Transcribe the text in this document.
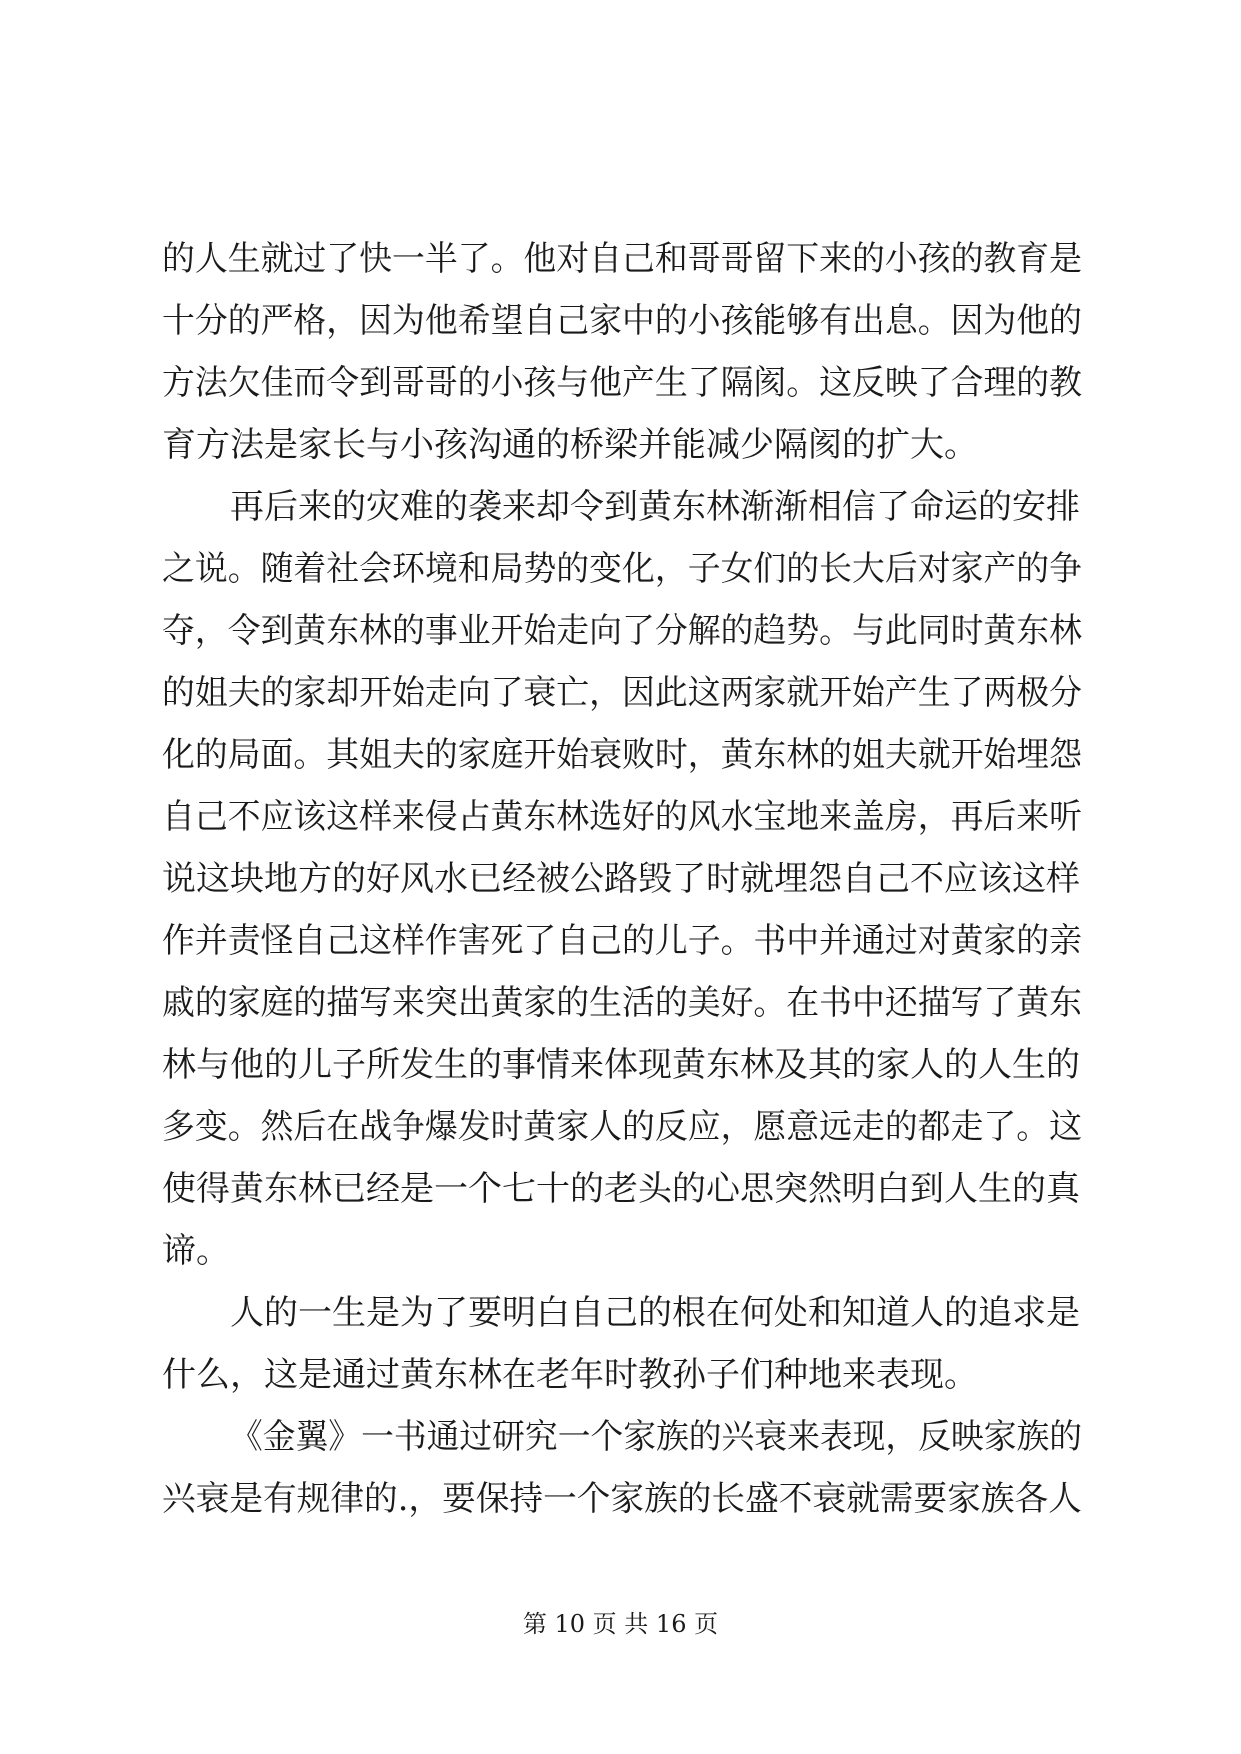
的人生就过了快一半了。他对自己和哥哥留下来的小孩的教育是
十分的严格，因为他希望自己家中的小孩能够有出息。因为他的
方法欠佳而令到哥哥的小孩与他产生了隔阂。这反映了合理的教
育方法是家长与小孩沟通的桥梁并能减少隔阂的扩大。
再后来的灾难的袭来却令到黄东林渐渐相信了命运的安排
之说。随着社会环境和局势的变化，子女们的长大后对家产的争
夺，令到黄东林的事业开始走向了分解的趋势。与此同时黄东林
的姐夫的家却开始走向了衰亡，因此这两家就开始产生了两极分
化的局面。其姐夫的家庭开始衰败时，黄东林的姐夫就开始埋怨
自己不应该这样来侵占黄东林选好的风水宝地来盖房，再后来听
说这块地方的好风水已经被公路毁了时就埋怨自己不应该这样
作并责怪自己这样作害死了自己的儿子。书中并通过对黄家的亲
戚的家庭的描写来突出黄家的生活的美好。在书中还描写了黄东
林与他的儿子所发生的事情来体现黄东林及其的家人的人生的
多变。然后在战争爆发时黄家人的反应，愿意远走的都走了。这
使得黄东林已经是一个七十的老头的心思突然明白到人生的真
谛。
人的一生是为了要明白自己的根在何处和知道人的追求是
什么，这是通过黄东林在老年时教孙子们种地来表现。
《金翼》一书通过研究一个家族的兴衰来表现，反映家族的
兴衰是有规律的.，要保持一个家族的长盛不衰就需要家族各人
第 10 页 共 16 页
